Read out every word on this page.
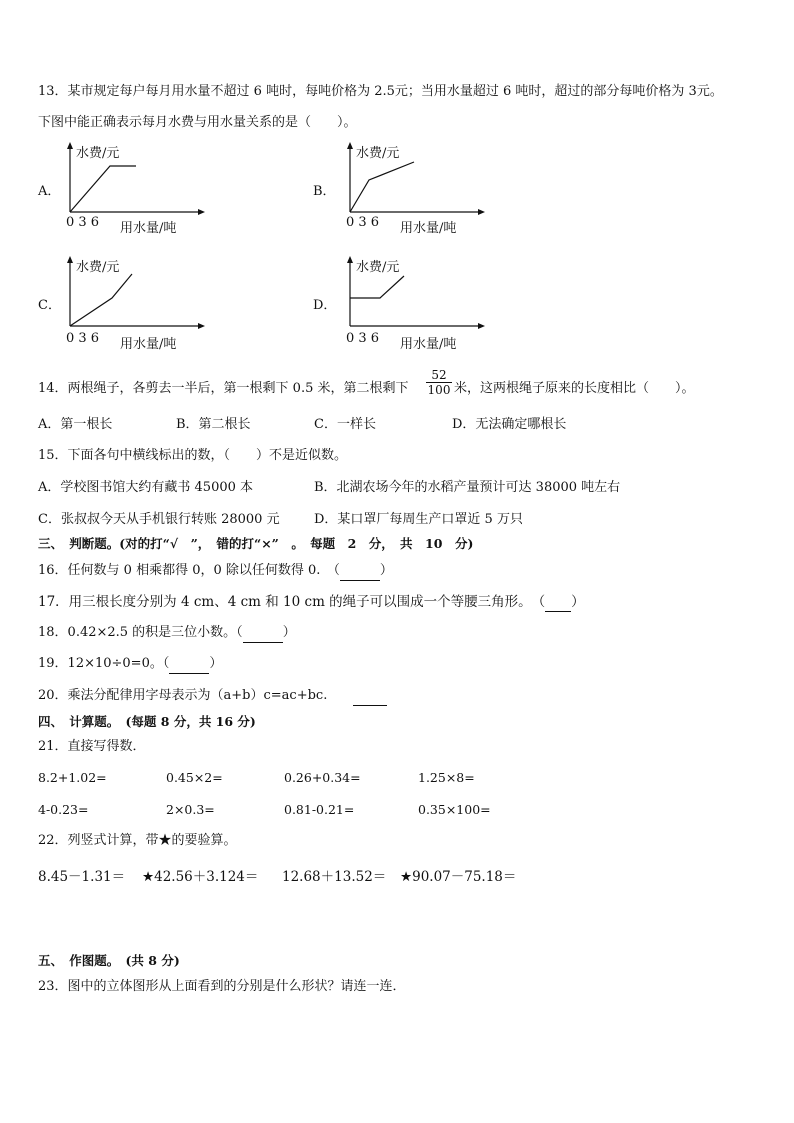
13．某市规定每户每月用水量不超过 6 吨时，每吨价格为 2.5元；当用水量超过 6 吨时，超过的部分每吨价格为 3元。
下图中能正确表示每月水费与用水量关系的是（　　）。
A．
水费/元
0 3 6 用水量/吨
B．
水费/元
0 3 6 用水量/吨
C．
水费/元
0 3 6 用水量/吨
D．
水费/元
0 3 6 用水量/吨
14．两根绳子，各剪去一半后，第一根剩下 0.5 米，第二根剩下 $\frac{52}{100}$ 米，这两根绳子原来的长度相比（　　）。
A．第一根长	B．第二根长	C．一样长	D．无法确定哪根长
15．下面各句中横线标出的数，（　　）不是近似数。
A．学校图书馆大约有藏书 45000 本	B．北湖农场今年的水稻产量预计可达 38000 吨左右
C．张叔叔今天从手机银行转账 28000 元	D．某口罩厂每周生产口罩近 5 万只
三、　判断题。(对的打“√　”，　错的打“×”　。　每题　2　分，　共　10　分)
16．任何数与 0 相乘都得 0，0 除以任何数得 0.　（	）
17．用三根长度分别为 4 cm、4 cm 和 10 cm 的绳子可以围成一个等腰三角形。　（ ）
18．0.42×2.5 的积是三位小数。（	）
19．12×10÷0=0。（	）
20．乘法分配律用字母表示为（a+b）c=ac+bc.
四、　计算题。　(每题 8 分，共 16 分)
21．直接写得数．
8.2+1.02=	0.45×2=	0.26+0.34=	1.25×8=
4-0.23=	2×0.3=	0.81-0.21=	0.35×100=
22．列竖式计算，带★的要验算。
8.45－1.31＝ ★42.56＋3.124＝ 12.68＋13.52＝ ★90.07－75.18＝
五、　作图题。　(共 8 分)
23．图中的立体图形从上面看到的分别是什么形状？请连一连．
